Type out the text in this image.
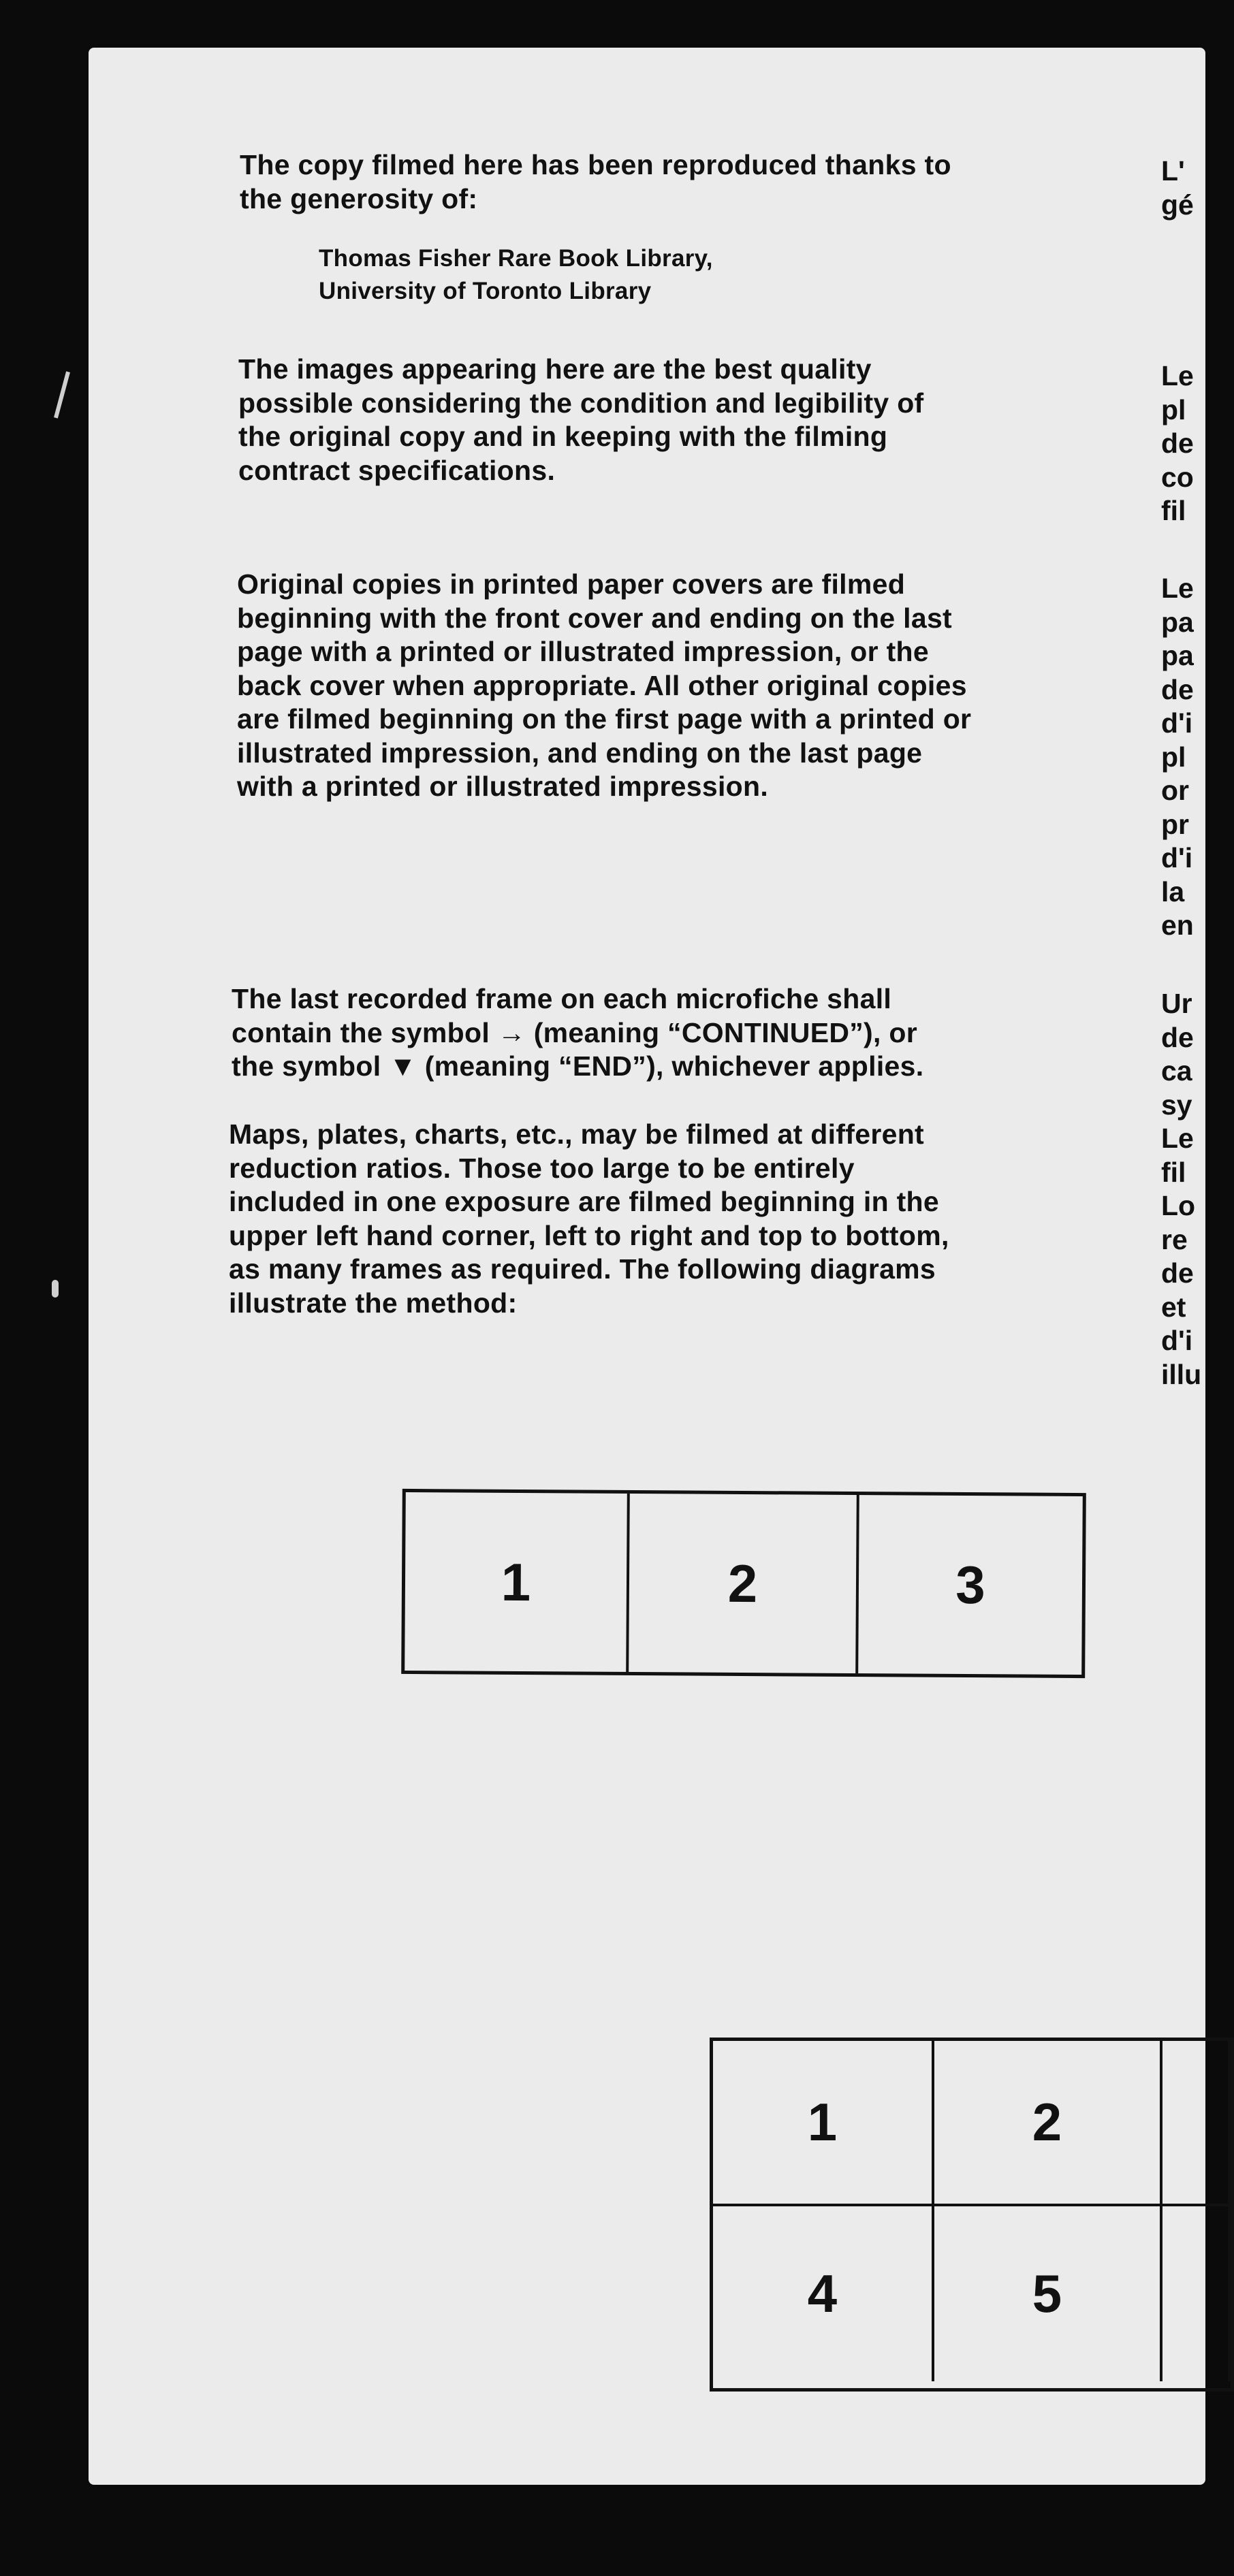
The copy filmed here has been reproduced thanks to the generosity of:

Thomas Fisher Rare Book Library,

University of Toronto Library

The images appearing here are the best quality possible considering the condition and legibility of the original copy and in keeping with the filming contract specifications.

Original copies in printed paper covers are filmed beginning with the front cover and ending on the last page with a printed or illustrated impression, or the back cover when appropriate. All other original copies are filmed beginning on the first page with a printed or illustrated impression, and ending on the last page with a printed or illustrated impression.

The last recorded frame on each microfiche shall contain the symbol → (meaning “CONTINUED”), or the symbol ▼ (meaning “END”), whichever applies.

Maps, plates, charts, etc., may be filmed at different reduction ratios. Those too large to be entirely included in one exposure are filmed beginning in the upper left hand corner, left to right and top to bottom, as many frames as required. The following diagrams illustrate the method:

L'

gé

Le

pl

de

co

fil

Le

pa

pa

de

d'i

pl

or

pr

d'i

la

en

Ur

de

ca

sy

Le

fil

Lo

re

de

et

d'i

illu

1	2	3
1	2
4	5
